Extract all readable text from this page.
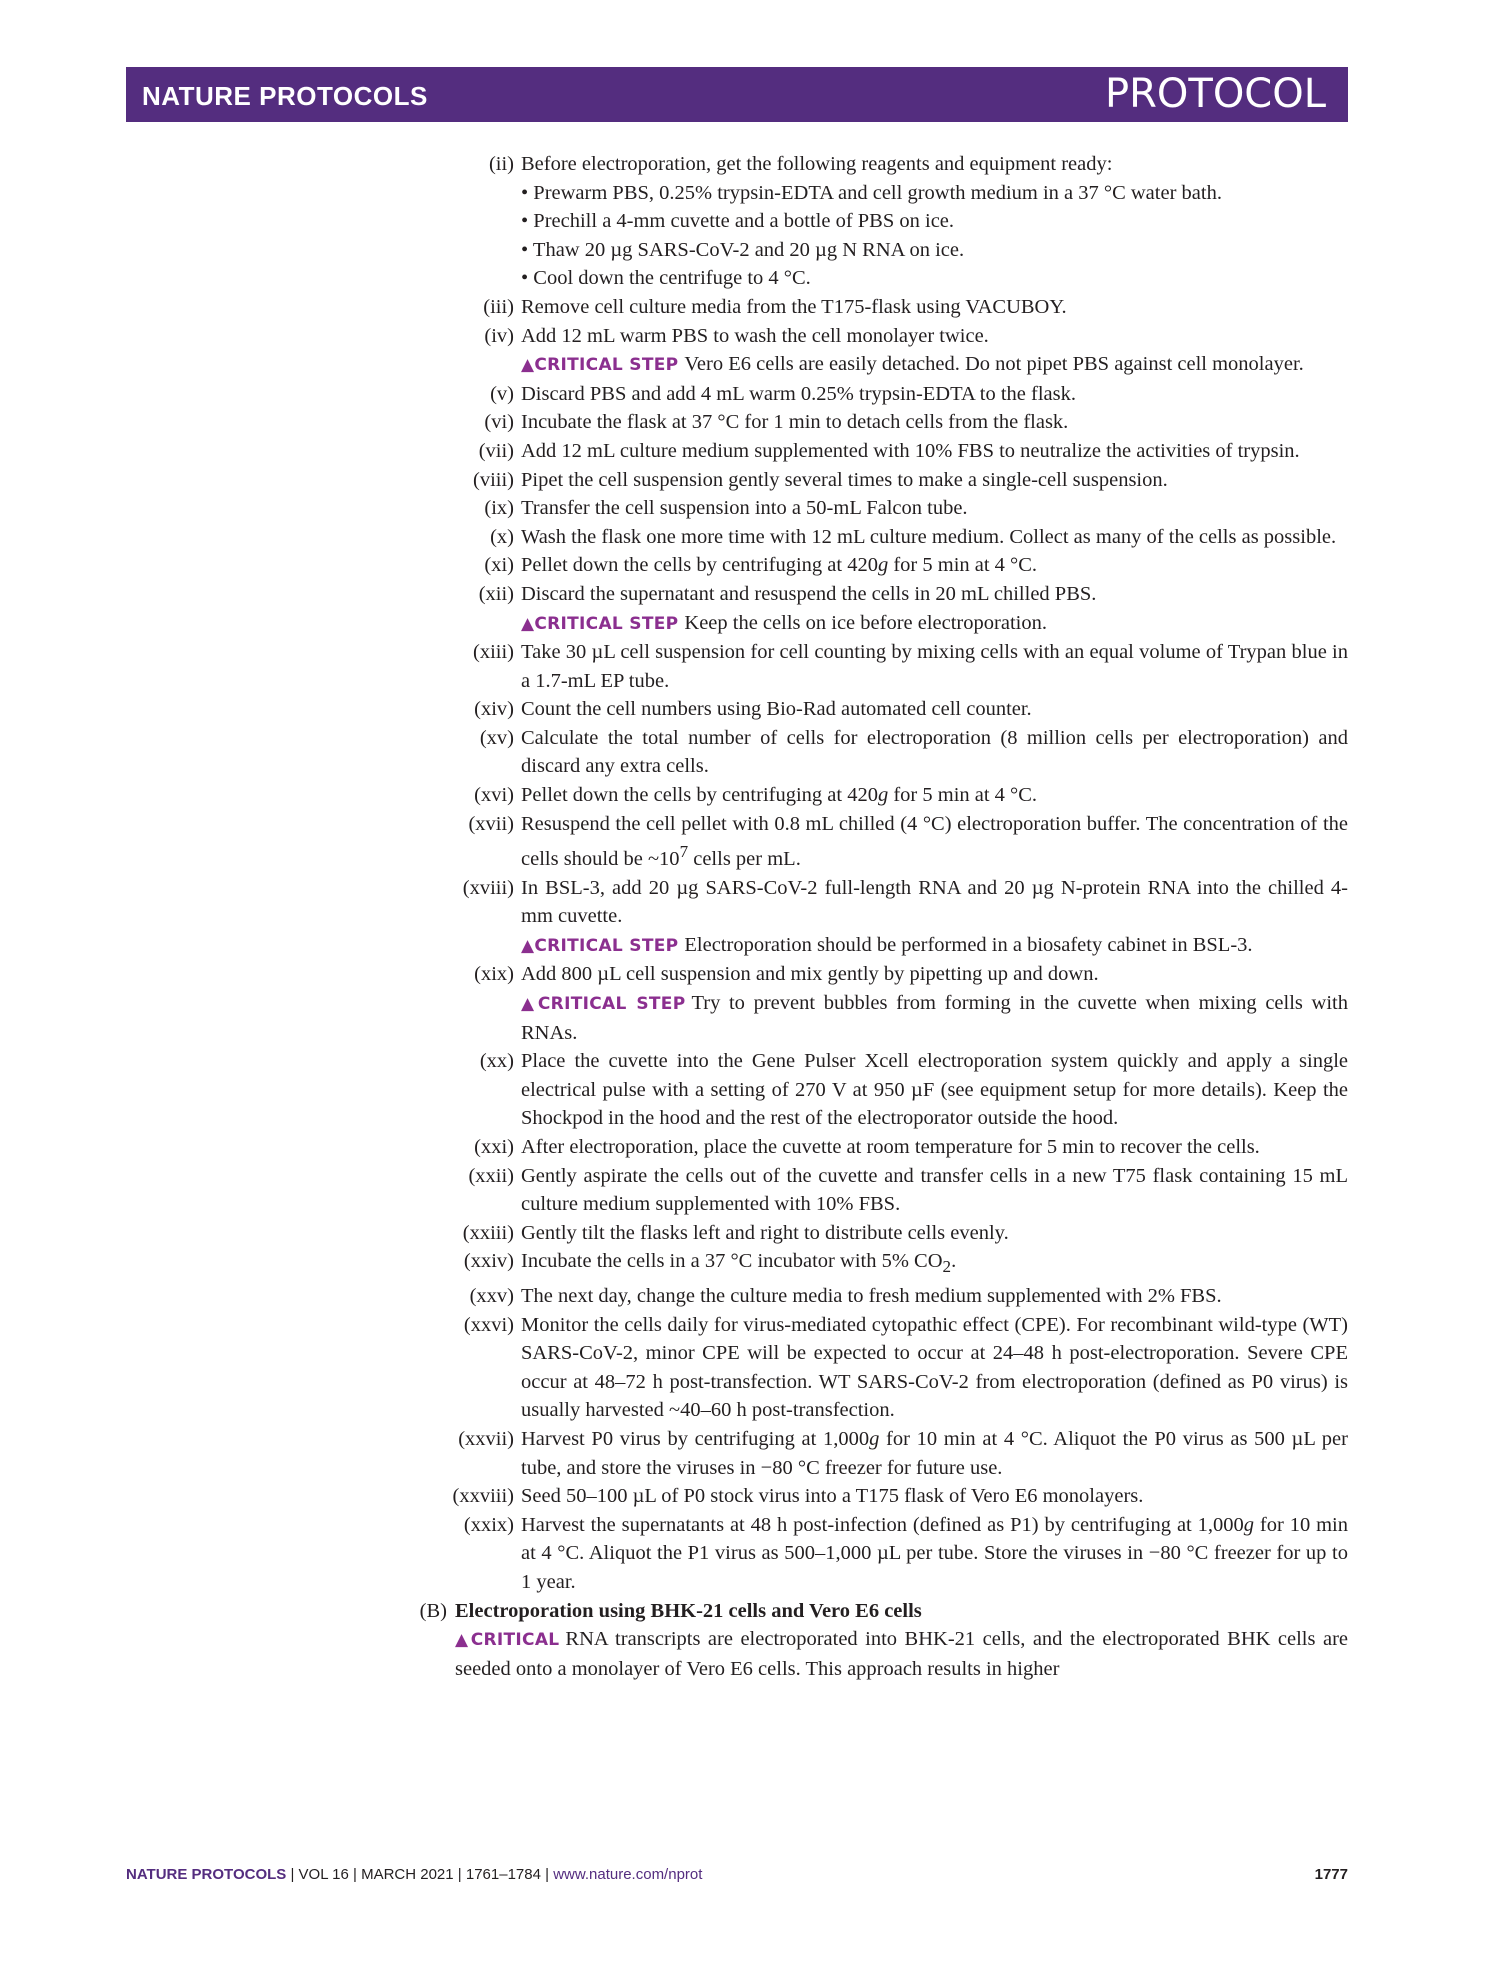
NATURE PROTOCOLS	PROTOCOL
(ii) Before electroporation, get the following reagents and equipment ready:
• Prewarm PBS, 0.25% trypsin-EDTA and cell growth medium in a 37 °C water bath.
• Prechill a 4-mm cuvette and a bottle of PBS on ice.
• Thaw 20 µg SARS-CoV-2 and 20 µg N RNA on ice.
• Cool down the centrifuge to 4 °C.
(iii) Remove cell culture media from the T175-flask using VACUBOY.
(iv) Add 12 mL warm PBS to wash the cell monolayer twice.
▲CRITICAL STEP Vero E6 cells are easily detached. Do not pipet PBS against cell monolayer.
(v) Discard PBS and add 4 mL warm 0.25% trypsin-EDTA to the flask.
(vi) Incubate the flask at 37 °C for 1 min to detach cells from the flask.
(vii) Add 12 mL culture medium supplemented with 10% FBS to neutralize the activities of trypsin.
(viii) Pipet the cell suspension gently several times to make a single-cell suspension.
(ix) Transfer the cell suspension into a 50-mL Falcon tube.
(x) Wash the flask one more time with 12 mL culture medium. Collect as many of the cells as possible.
(xi) Pellet down the cells by centrifuging at 420g for 5 min at 4 °C.
(xii) Discard the supernatant and resuspend the cells in 20 mL chilled PBS.
▲CRITICAL STEP Keep the cells on ice before electroporation.
(xiii) Take 30 µL cell suspension for cell counting by mixing cells with an equal volume of Trypan blue in a 1.7-mL EP tube.
(xiv) Count the cell numbers using Bio-Rad automated cell counter.
(xv) Calculate the total number of cells for electroporation (8 million cells per electroporation) and discard any extra cells.
(xvi) Pellet down the cells by centrifuging at 420g for 5 min at 4 °C.
(xvii) Resuspend the cell pellet with 0.8 mL chilled (4 °C) electroporation buffer. The concentration of the cells should be $\sim 10^7$ cells per mL.
(xviii) In BSL-3, add 20 µg SARS-CoV-2 full-length RNA and 20 µg N-protein RNA into the chilled 4-mm cuvette.
▲CRITICAL STEP Electroporation should be performed in a biosafety cabinet in BSL-3.
(xix) Add 800 µL cell suspension and mix gently by pipetting up and down.
▲CRITICAL STEP Try to prevent bubbles from forming in the cuvette when mixing cells with RNAs.
(xx) Place the cuvette into the Gene Pulser Xcell electroporation system quickly and apply a single electrical pulse with a setting of 270 V at 950 µF (see equipment setup for more details). Keep the Shockpod in the hood and the rest of the electroporator outside the hood.
(xxi) After electroporation, place the cuvette at room temperature for 5 min to recover the cells.
(xxii) Gently aspirate the cells out of the cuvette and transfer cells in a new T75 flask containing 15 mL culture medium supplemented with 10% FBS.
(xxiii) Gently tilt the flasks left and right to distribute cells evenly.
(xxiv) Incubate the cells in a 37 °C incubator with 5% $CO_2$.
(xxv) The next day, change the culture media to fresh medium supplemented with 2% FBS.
(xxvi) Monitor the cells daily for virus-mediated cytopathic effect (CPE). For recombinant wild-type (WT) SARS-CoV-2, minor CPE will be expected to occur at 24–48 h post-electroporation. Severe CPE occur at 48–72 h post-transfection. WT SARS-CoV-2 from electroporation (defined as P0 virus) is usually harvested ~40–60 h post-transfection.
(xxvii) Harvest P0 virus by centrifuging at 1,000g for 10 min at 4 °C. Aliquot the P0 virus as 500 µL per tube, and store the viruses in −80 °C freezer for future use.
(xxviii) Seed 50–100 µL of P0 stock virus into a T175 flask of Vero E6 monolayers.
(xxix) Harvest the supernatants at 48 h post-infection (defined as P1) by centrifuging at 1,000g for 10 min at 4 °C. Aliquot the P1 virus as 500–1,000 µL per tube. Store the viruses in −80 °C freezer for up to 1 year.
(B) Electroporation using BHK-21 cells and Vero E6 cells
▲CRITICAL RNA transcripts are electroporated into BHK-21 cells, and the electroporated BHK cells are seeded onto a monolayer of Vero E6 cells. This approach results in higher
NATURE PROTOCOLS | VOL 16 | MARCH 2021 | 1761–1784 | www.nature.com/nprot	1777
